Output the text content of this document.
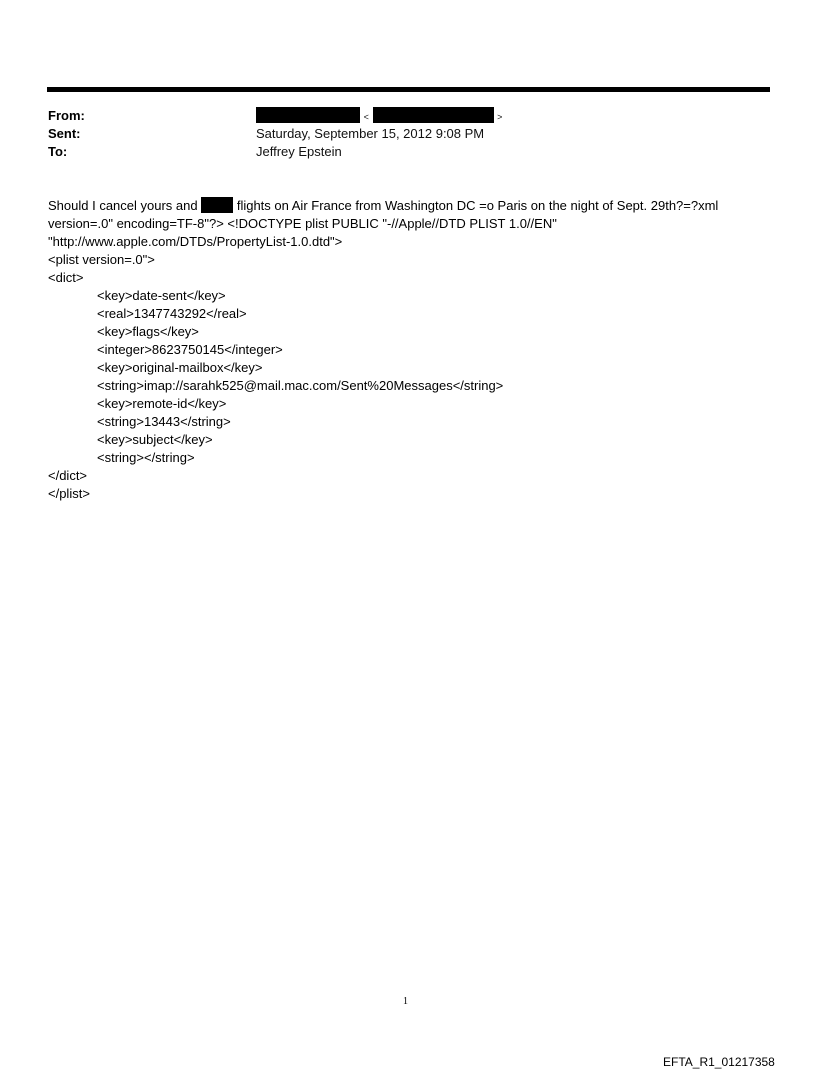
From:
Sent:
To:
<	>
Saturday, September 15, 2012 9:08 PM
Jeffrey Epstein
Should I cancel yours and  flights on Air France from Washington DC =o Paris on the night of Sept. 29th?=?xml
version=.0" encoding=TF-8"?> <!DOCTYPE plist PUBLIC "-//Apple//DTD PLIST 1.0//EN"
"http://www.apple.com/DTDs/PropertyList-1.0.dtd">
<plist version=.0">
<dict>
<key>date-sent</key>
<real>1347743292</real>
<key>flags</key>
<integer>8623750145</integer>
<key>original-mailbox</key>
<string>imap://sarahk525@mail.mac.com/Sent%20Messages</string>
<key>remote-id</key>
<string>13443</string>
<key>subject</key>
<string></string>
</dict>
</plist>
1
EFTA_R1_01217358
